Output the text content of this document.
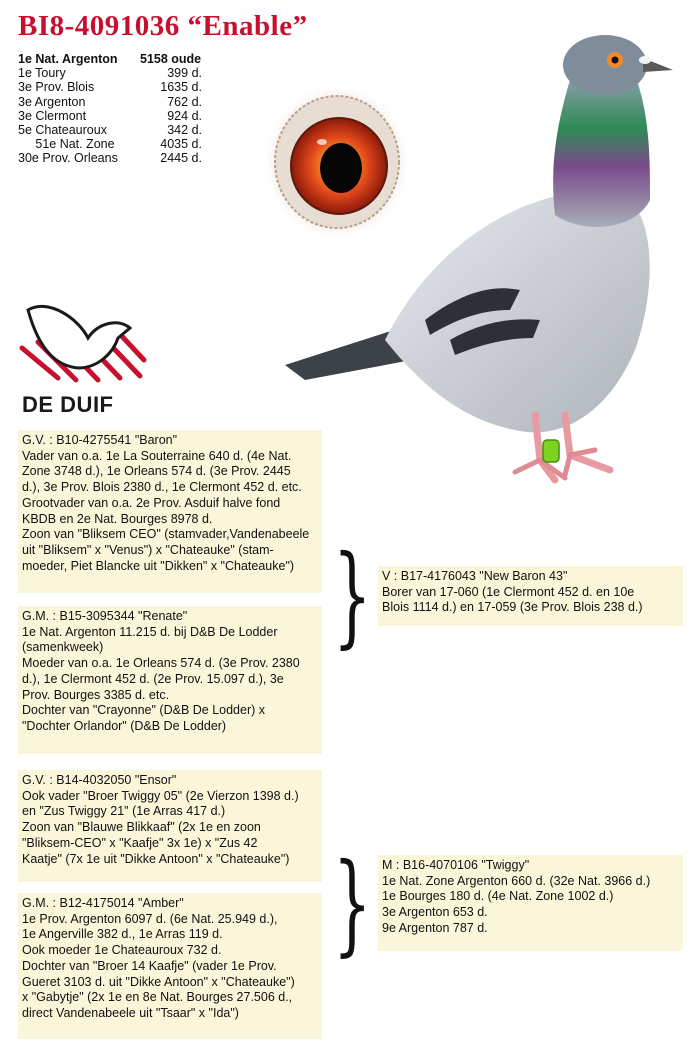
BI8-4091036 “Enable”
1e Nat. Argenton	5158 oude
1e Toury	399 d.
3e Prov. Blois	1635 d.
3e Argenton	762 d.
3e Clermont	924 d.
5e Chateauroux	342 d.
51e Nat. Zone	4035 d.
30e Prov. Orleans	2445 d.
DE DUIF
G.V. : B10-4275541 "Baron"
Vader van o.a. 1e La Souterraine 640 d. (4e Nat.
Zone 3748 d.), 1e Orleans 574 d. (3e Prov. 2445
d.), 3e Prov. Blois 2380 d., 1e Clermont 452 d. etc.
Grootvader van o.a. 2e Prov. Asduif halve fond
KBDB en 2e Nat. Bourges 8978 d.
Zoon van "Bliksem CEO" (stamvader,Vandenabeele
uit "Bliksem" x "Venus") x "Chateauke" (stam-
moeder, Piet Blancke uit "Dikken" x "Chateauke")
G.M. : B15-3095344 "Renate"
1e Nat. Argenton 11.215 d. bij D&B De Lodder
(samenkweek)
Moeder van o.a. 1e Orleans 574 d. (3e Prov. 2380
d.), 1e Clermont 452 d. (2e Prov. 15.097 d.), 3e
Prov. Bourges 3385 d. etc.
Dochter van "Crayonne" (D&B De Lodder) x
"Dochter Orlandor" (D&B De Lodder)
V : B17-4176043 "New Baron 43"
Borer van 17-060 (1e Clermont 452 d. en 10e
Blois 1114 d.) en 17-059 (3e Prov. Blois 238 d.)
G.V. : B14-4032050 "Ensor"
Ook vader "Broer Twiggy 05" (2e Vierzon 1398 d.)
en "Zus Twiggy 21" (1e Arras 417 d.)
Zoon van "Blauwe Blikkaaf" (2x 1e en zoon
"Bliksem-CEO" x "Kaafje" 3x 1e) x "Zus 42
Kaatje" (7x 1e uit "Dikke Antoon" x "Chateauke")
G.M. : B12-4175014 "Amber"
1e Prov. Argenton 6097 d. (6e Nat. 25.949 d.),
1e Angerville 382 d., 1e Arras 119 d.
Ook moeder 1e Chateauroux 732 d.
Dochter van "Broer 14 Kaafje" (vader 1e Prov.
Gueret 3103 d. uit "Dikke Antoon" x "Chateauke")
x "Gabytje" (2x 1e en 8e Nat. Bourges 27.506 d.,
direct Vandenabeele uit "Tsaar" x "Ida")
M : B16-4070106 "Twiggy"
1e Nat. Zone Argenton 660 d. (32e Nat. 3966 d.)
1e Bourges 180 d. (4e Nat. Zone 1002 d.)
3e Argenton 653 d.
9e Argenton 787 d.
}
}
